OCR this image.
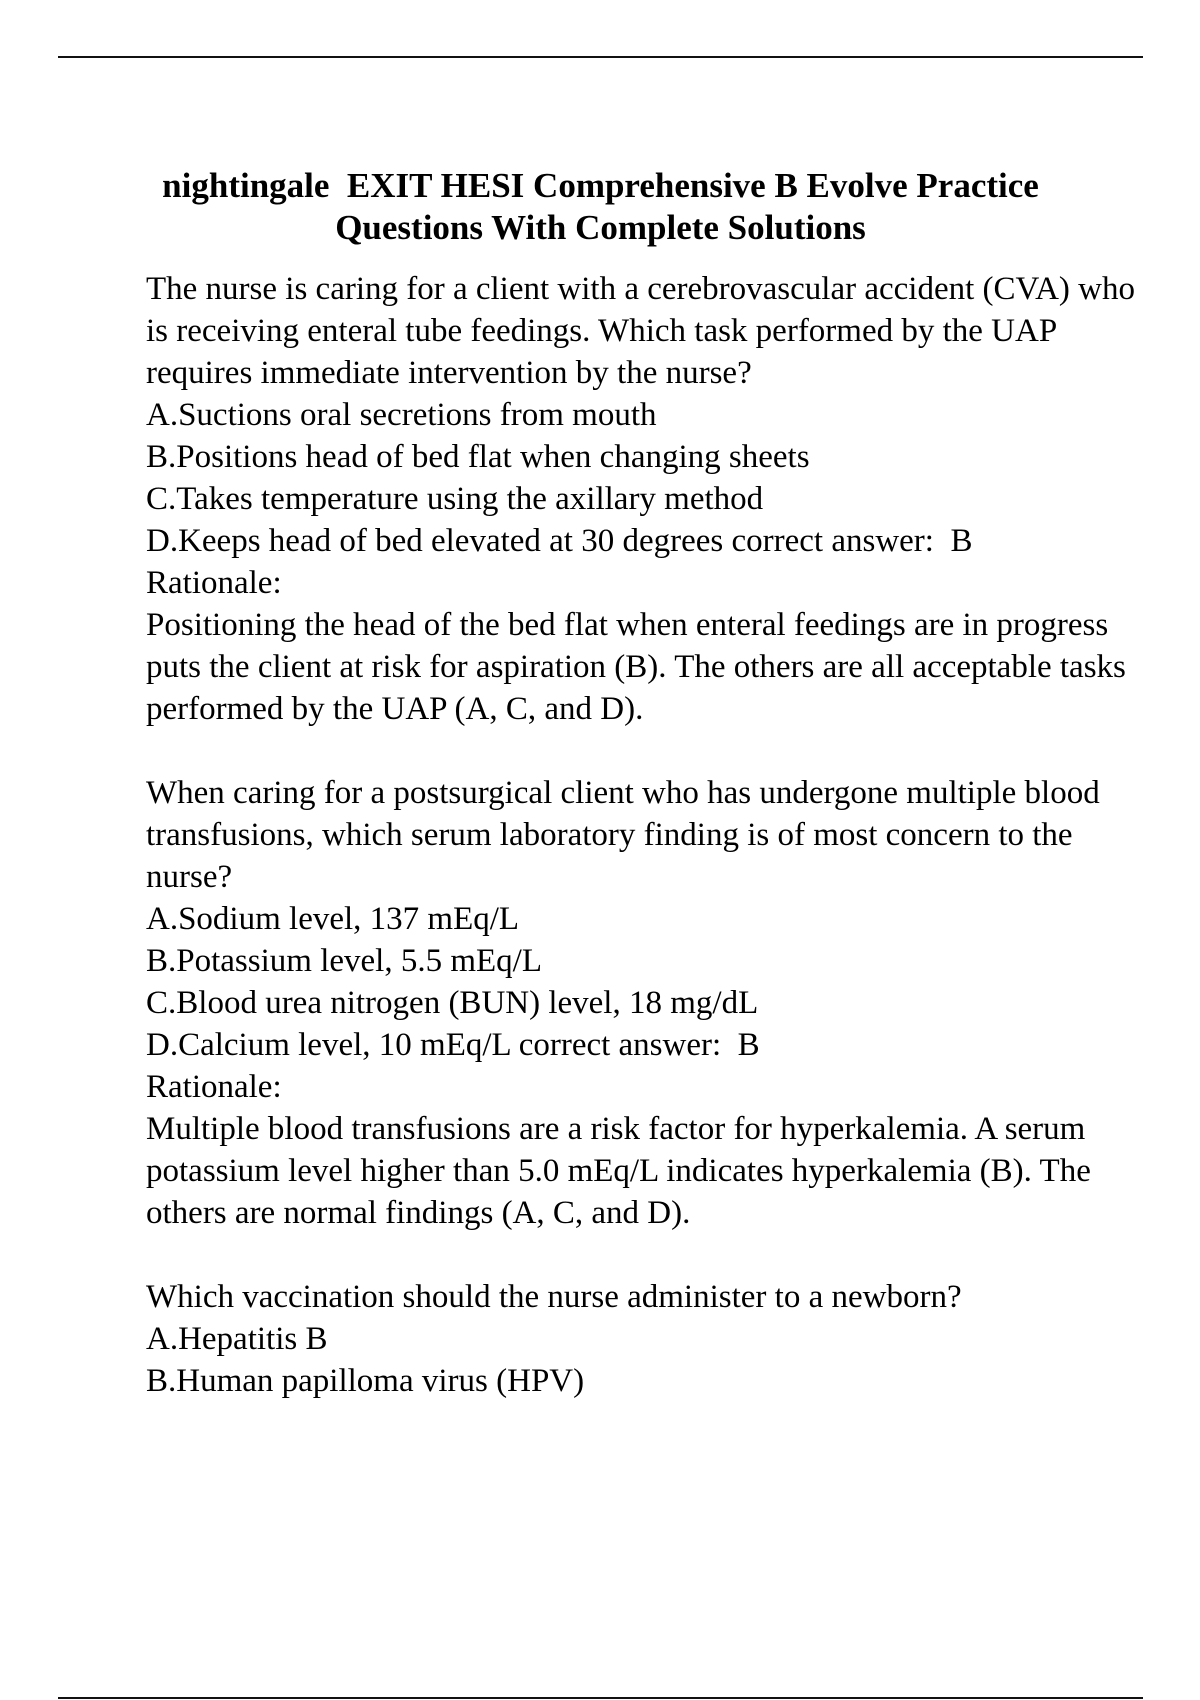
nightingale  EXIT HESI Comprehensive B Evolve Practice
Questions With Complete Solutions

The nurse is caring for a client with a cerebrovascular accident (CVA) who is receiving enteral tube feedings. Which task performed by the UAP requires immediate intervention by the nurse?

A.Suctions oral secretions from mouth

B.Positions head of bed flat when changing sheets

C.Takes temperature using the axillary method

D.Keeps head of bed elevated at 30 degrees correct answer:  B

Rationale:

Positioning the head of the bed flat when enteral feedings are in progress puts the client at risk for aspiration (B). The others are all acceptable tasks performed by the UAP (A, C, and D).

When caring for a postsurgical client who has undergone multiple blood transfusions, which serum laboratory finding is of most concern to the nurse?

A.Sodium level, 137 mEq/L

B.Potassium level, 5.5 mEq/L

C.Blood urea nitrogen (BUN) level, 18 mg/dL

D.Calcium level, 10 mEq/L correct answer:  B

Rationale:

Multiple blood transfusions are a risk factor for hyperkalemia. A serum potassium level higher than 5.0 mEq/L indicates hyperkalemia (B). The others are normal findings (A, C, and D).

Which vaccination should the nurse administer to a newborn?

A.Hepatitis B

B.Human papilloma virus (HPV)
